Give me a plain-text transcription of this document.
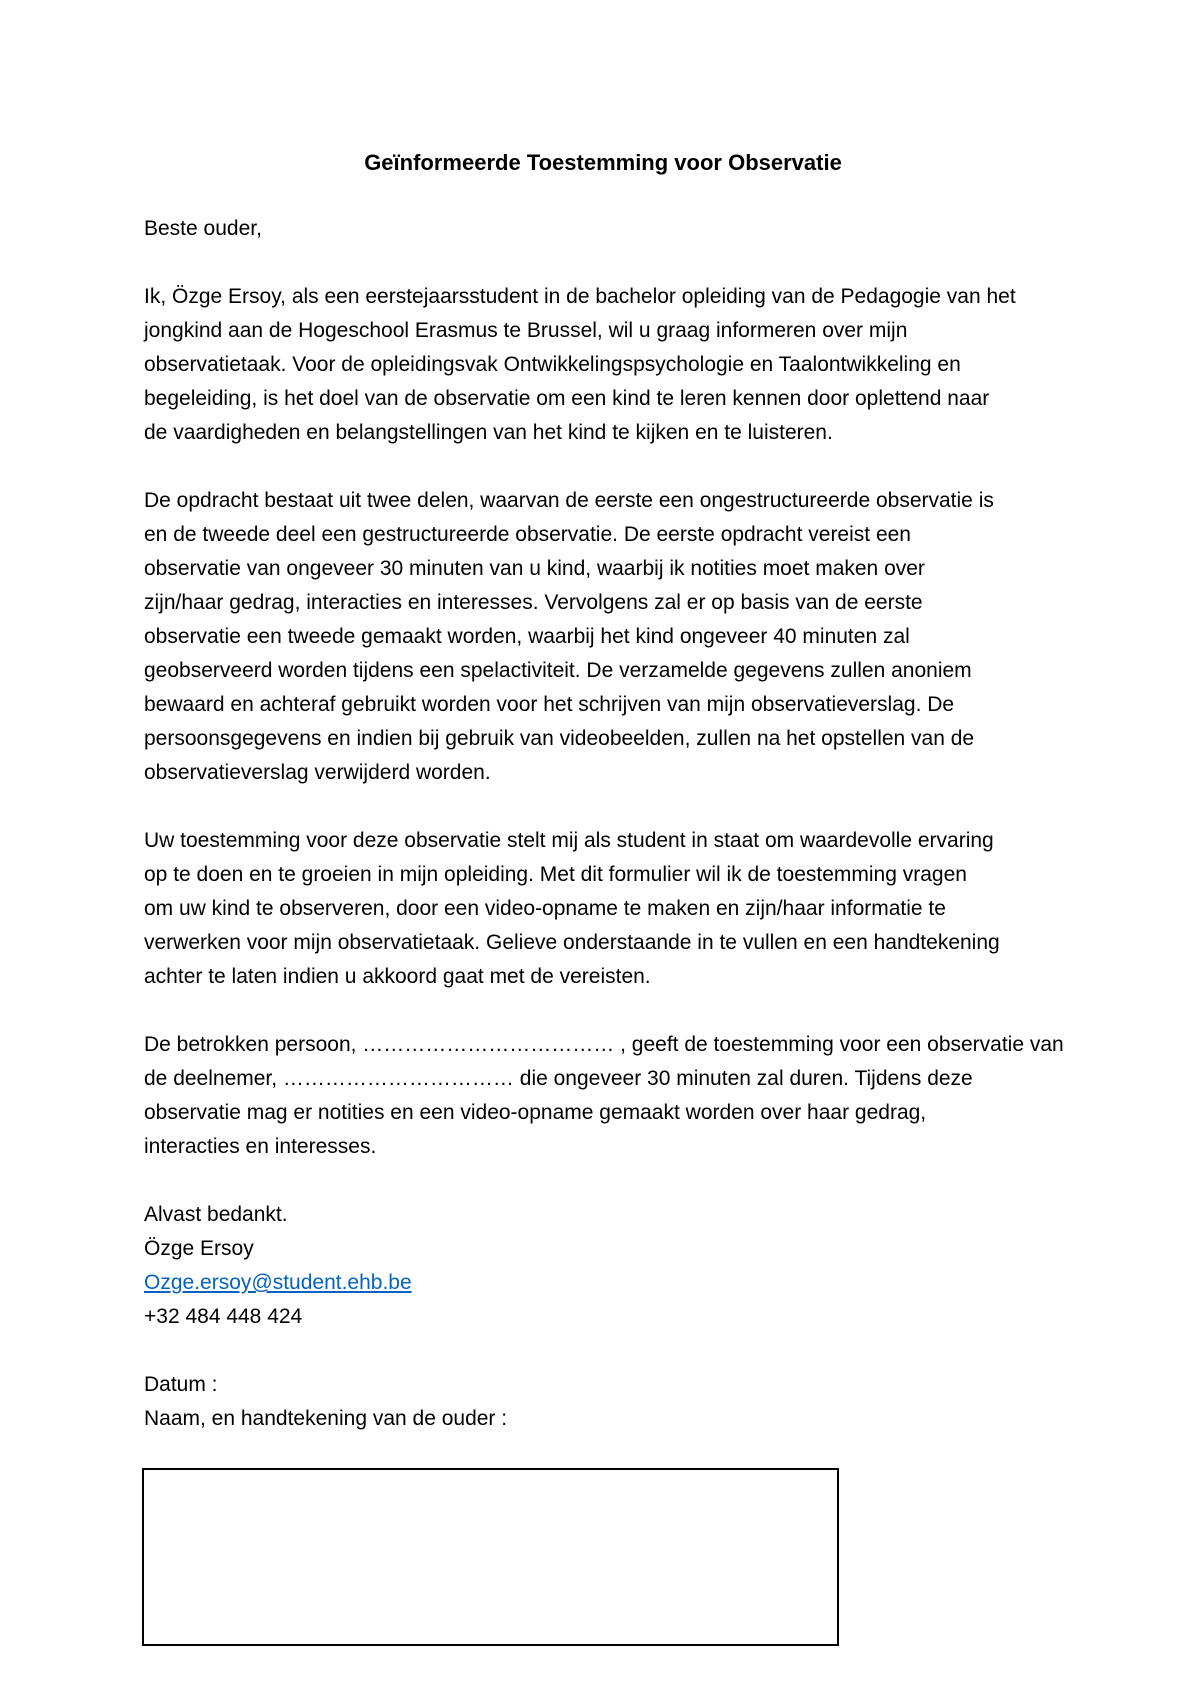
Geïnformeerde Toestemming voor Observatie

Beste ouder,

Ik, Özge Ersoy, als een eerstejaarsstudent in de bachelor opleiding van de Pedagogie van het
jongkind aan de Hogeschool Erasmus te Brussel, wil u graag informeren over mijn
observatietaak. Voor de opleidingsvak Ontwikkelingspsychologie en Taalontwikkeling en
begeleiding, is het doel van de observatie om een kind te leren kennen door oplettend naar
de vaardigheden en belangstellingen van het kind te kijken en te luisteren.

De opdracht bestaat uit twee delen, waarvan de eerste een ongestructureerde observatie is
en de tweede deel een gestructureerde observatie. De eerste opdracht vereist een
observatie van ongeveer 30 minuten van u kind, waarbij ik notities moet maken over
zijn/haar gedrag, interacties en interesses. Vervolgens zal er op basis van de eerste
observatie een tweede gemaakt worden, waarbij het kind ongeveer 40 minuten zal
geobserveerd worden tijdens een spelactiviteit. De verzamelde gegevens zullen anoniem
bewaard en achteraf gebruikt worden voor het schrijven van mijn observatieverslag. De
persoonsgegevens en indien bij gebruik van videobeelden, zullen na het opstellen van de
observatieverslag verwijderd worden.

Uw toestemming voor deze observatie stelt mij als student in staat om waardevolle ervaring
op te doen en te groeien in mijn opleiding. Met dit formulier wil ik de toestemming vragen
om uw kind te observeren, door een video-opname te maken en zijn/haar informatie te
verwerken voor mijn observatietaak. Gelieve onderstaande in te vullen en een handtekening
achter te laten indien u akkoord gaat met de vereisten.

De betrokken persoon, ……………………………… , geeft de toestemming voor een observatie van
de deelnemer, …………………………… die ongeveer 30 minuten zal duren. Tijdens deze
observatie mag er notities en een video-opname gemaakt worden over haar gedrag,
interacties en interesses.

Alvast bedankt.
Özge Ersoy
Ozge.ersoy@student.ehb.be
+32 484 448 424

Datum :
Naam, en handtekening van de ouder :
